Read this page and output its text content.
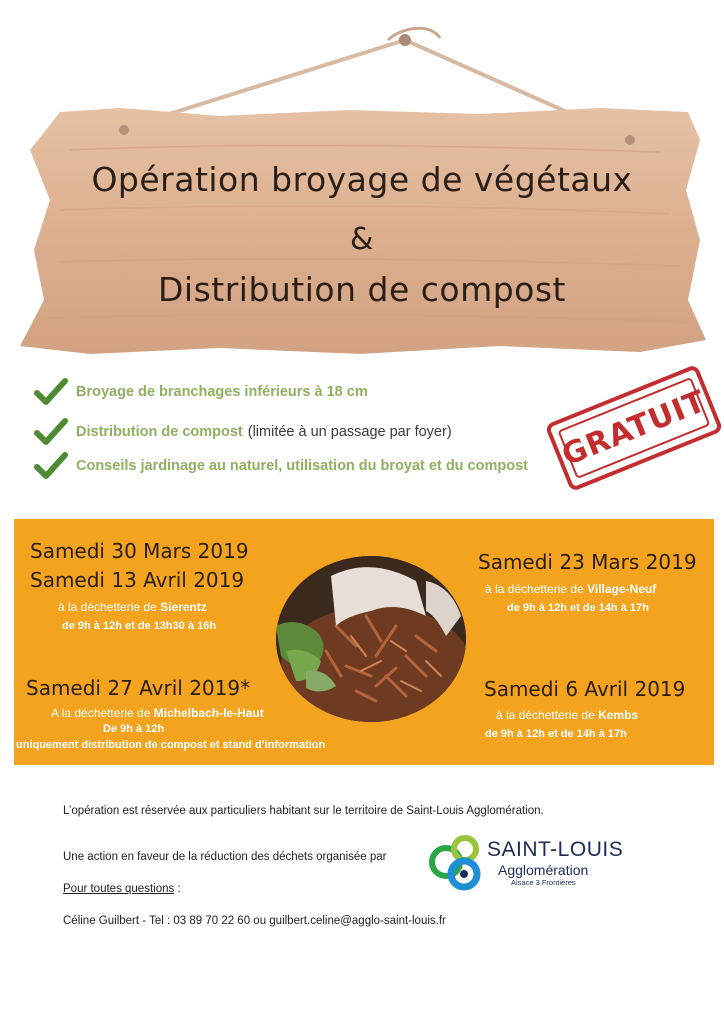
Opération broyage de végétaux
&
Distribution de compost
Broyage de branchages inférieurs à 18 cm
Distribution de compost (limitée à un passage par foyer)
Conseils jardinage au naturel, utilisation du broyat et du compost GRATUIT
Samedi 30 Mars 2019
Samedi 13 Avril 2019
à la déchetterie de Sierentz
de 9h à 12h et de 13h30 à 16h
Samedi 23 Mars 2019
à la déchetterie de Village-Neuf
de 9h à 12h et de 14h à 17h
Samedi 27 Avril 2019*
A la déchetterie de Michelbach-le-Haut
De 9h à 12h
uniquement distribution de compost et stand d’information
Samedi 6 Avril 2019
à la déchetterie de Kembs
de 9h à 12h et de 14h à 17h
L’opération est réservée aux particuliers habitant sur le territoire de Saint-Louis Agglomération.
Une action en faveur de la réduction des déchets organisée par
Pour toutes questions :
Céline Guilbert - Tel : 03 89 70 22 60 ou guilbert.celine@agglo-saint-louis.fr
SAINT-LOUIS
Agglomération
Alsace 3 Frontières
